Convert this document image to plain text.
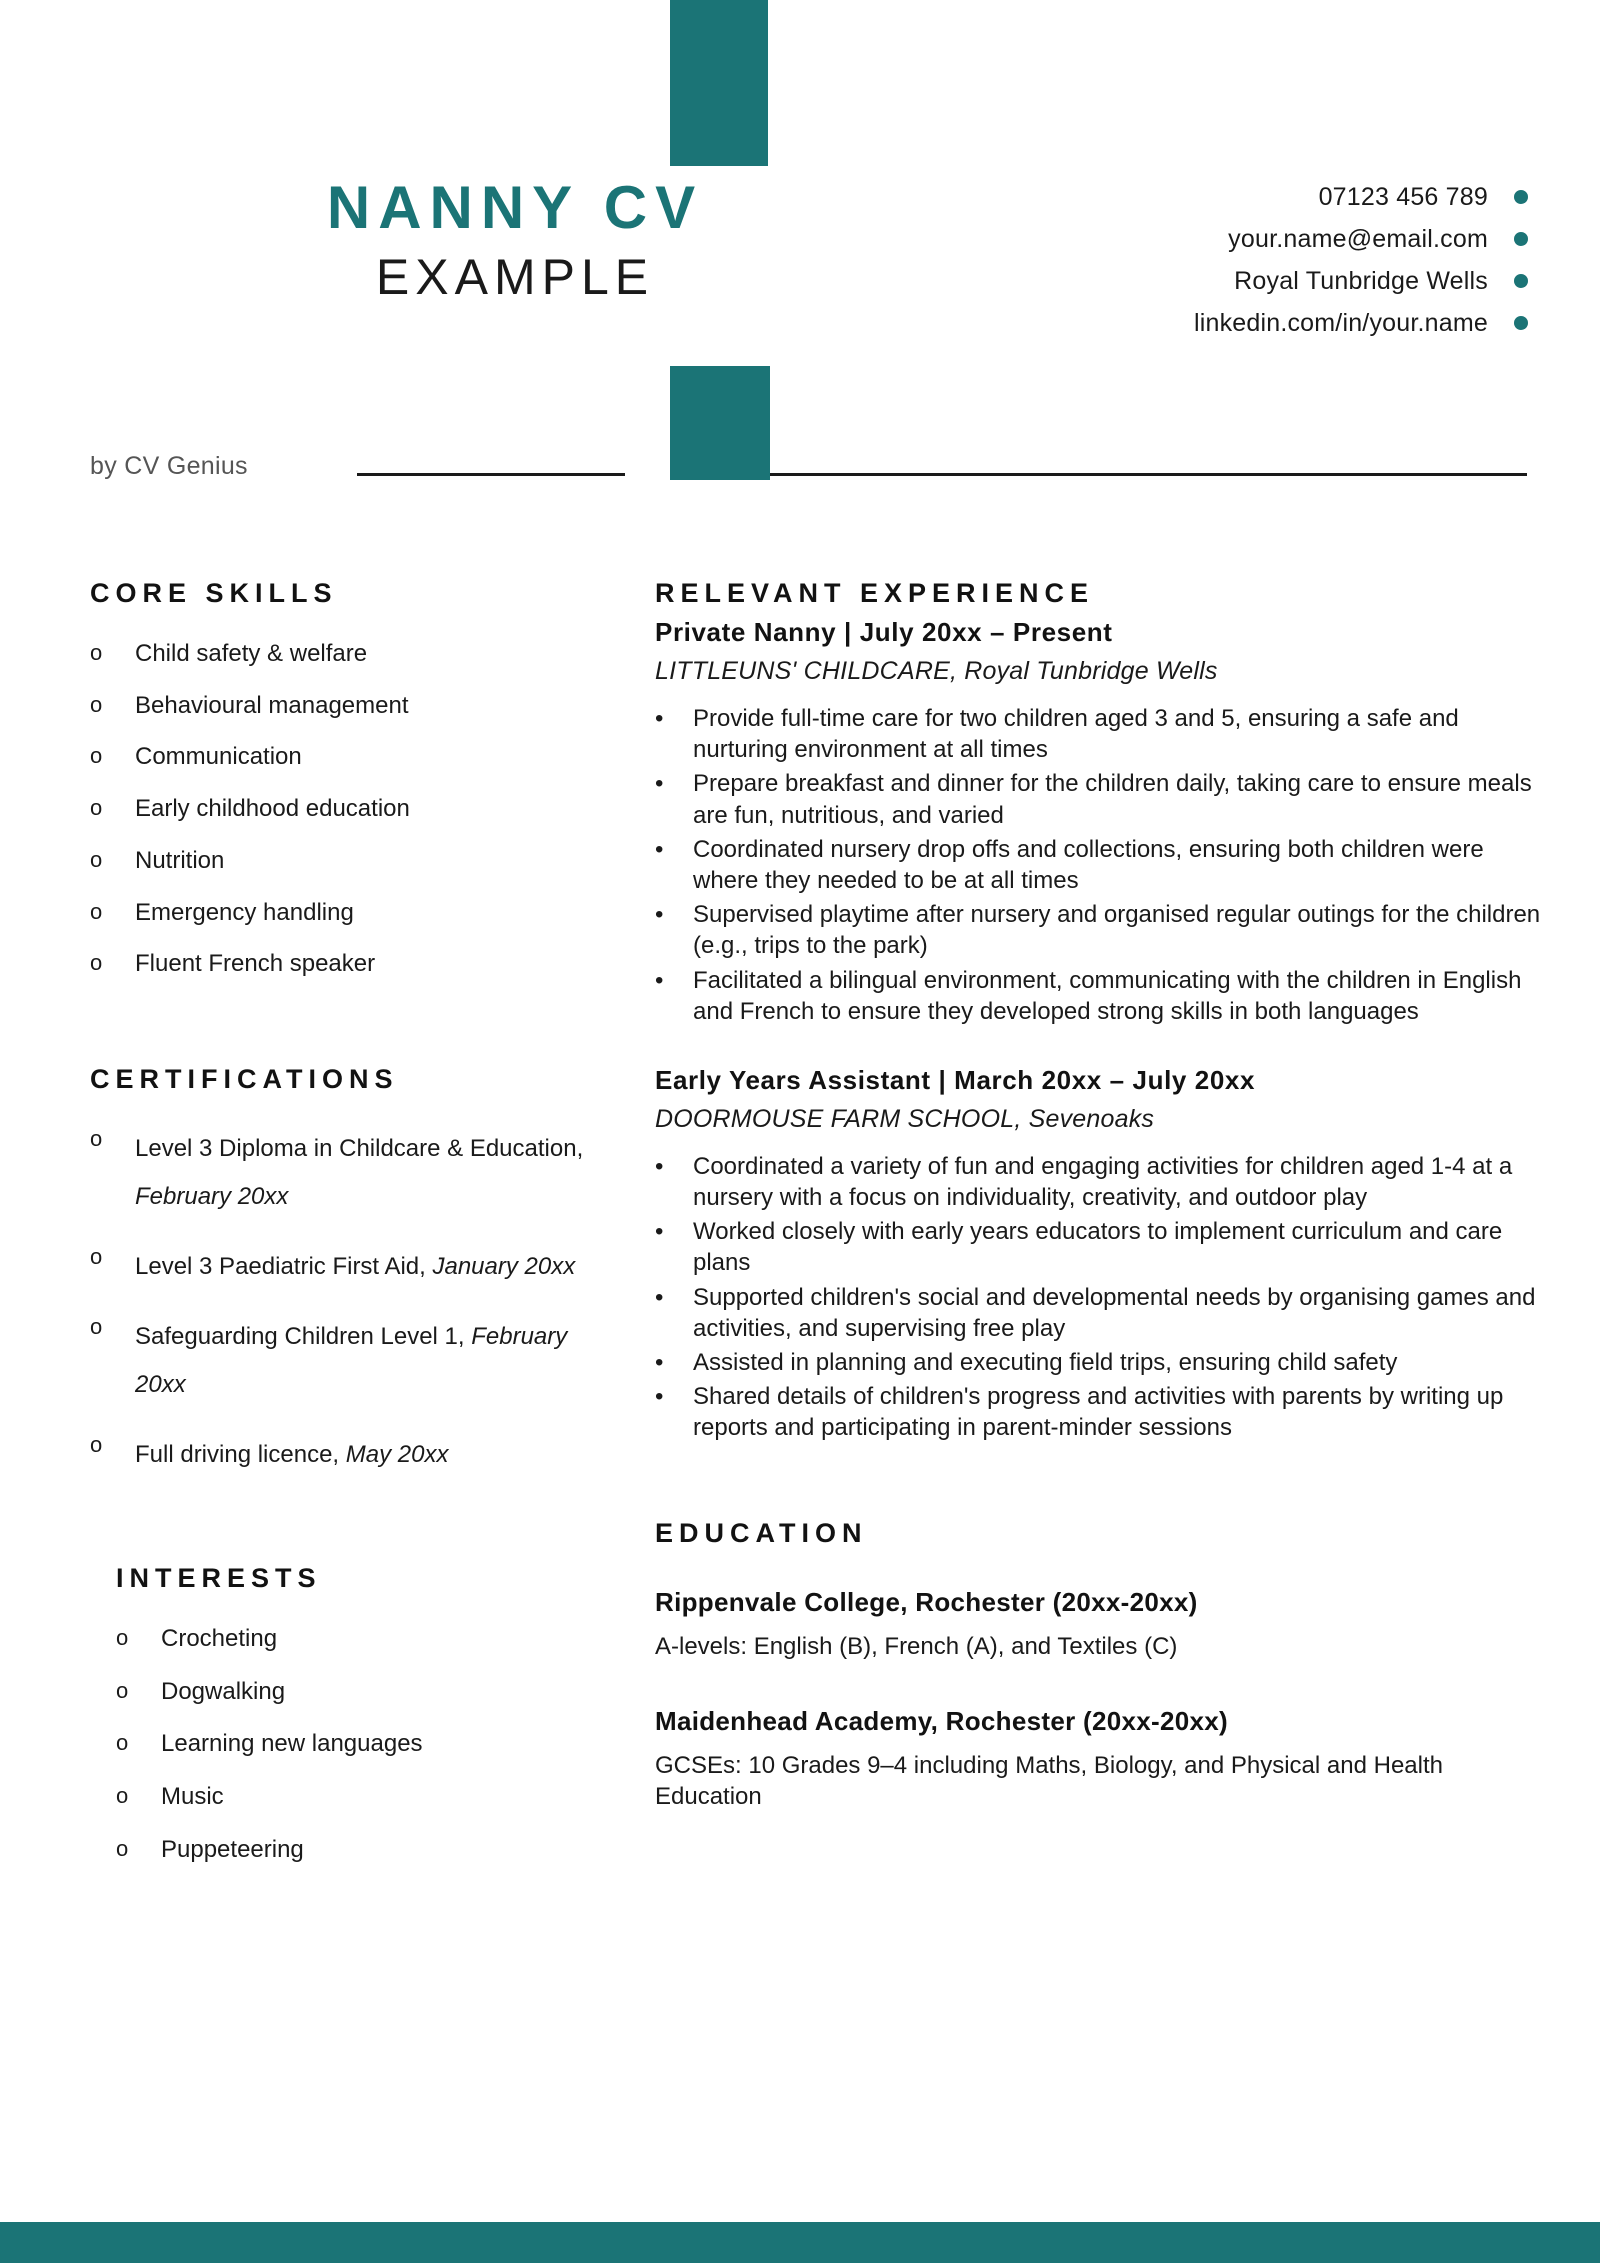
NANNY CV
EXAMPLE
by CV Genius
07123 456 789
your.name@email.com
Royal Tunbridge Wells
linkedin.com/in/your.name
CORE SKILLS
o	Child safety & welfare
o	Behavioural management
o	Communication
o	Early childhood education
o	Nutrition
o	Emergency handling
o	Fluent French speaker
CERTIFICATIONS
o	Level 3 Diploma in Childcare & Education, February 20xx
o	Level 3 Paediatric First Aid, January 20xx
o	Safeguarding Children Level 1, February 20xx
o	Full driving licence, May 20xx
INTERESTS
o	Crocheting
o	Dogwalking
o	Learning new languages
o	Music
o	Puppeteering
RELEVANT EXPERIENCE
Private Nanny | July 20xx – Present
LITTLEUNS' CHILDCARE, Royal Tunbridge Wells
•	Provide full-time care for two children aged 3 and 5, ensuring a safe and nurturing environment at all times
•	Prepare breakfast and dinner for the children daily, taking care to ensure meals are fun, nutritious, and varied
•	Coordinated nursery drop offs and collections, ensuring both children were where they needed to be at all times
•	Supervised playtime after nursery and organised regular outings for the children (e.g., trips to the park)
•	Facilitated a bilingual environment, communicating with the children in English and French to ensure they developed strong skills in both languages
Early Years Assistant | March 20xx – July 20xx
DOORMOUSE FARM SCHOOL, Sevenoaks
•	Coordinated a variety of fun and engaging activities for children aged 1-4 at a nursery with a focus on individuality, creativity, and outdoor play
•	Worked closely with early years educators to implement curriculum and care plans
•	Supported children's social and developmental needs by organising games and activities, and supervising free play
•	Assisted in planning and executing field trips, ensuring child safety
•	Shared details of children's progress and activities with parents by writing up reports and participating in parent-minder sessions
EDUCATION
Rippenvale College, Rochester (20xx-20xx)
A-levels: English (B), French (A), and Textiles (C)
Maidenhead Academy, Rochester (20xx-20xx)
GCSEs: 10 Grades 9–4 including Maths, Biology, and Physical and Health Education
